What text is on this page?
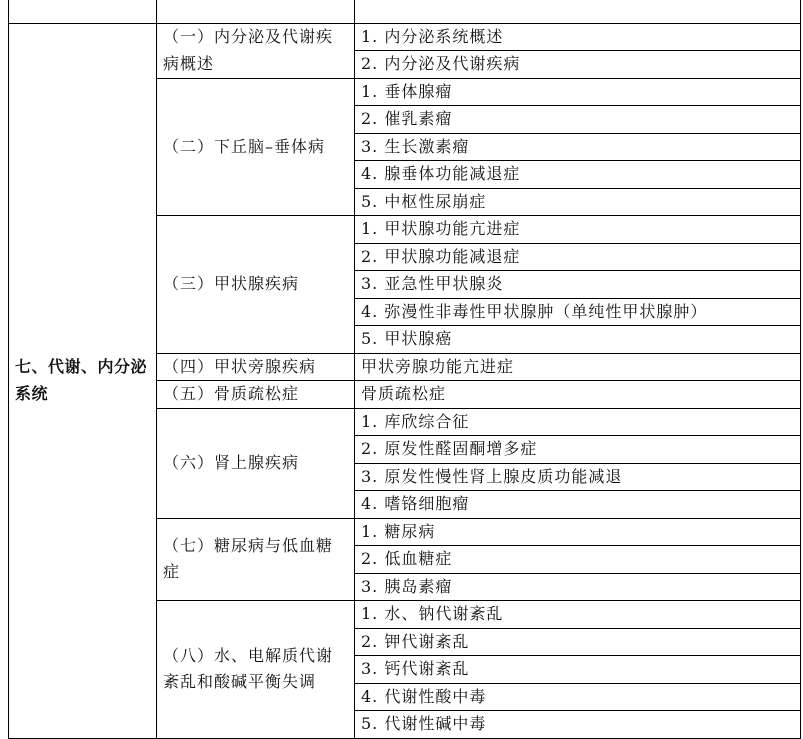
七、代谢、内分泌系统	（一）内分泌及代谢疾病概述	1. 内分泌系统概述
		2. 内分泌及代谢疾病
	（二）下丘脑–垂体病	1. 垂体腺瘤
		2. 催乳素瘤
		3. 生长激素瘤
		4. 腺垂体功能减退症
		5. 中枢性尿崩症
	（三）甲状腺疾病	1. 甲状腺功能亢进症
		2. 甲状腺功能减退症
		3. 亚急性甲状腺炎
		4. 弥漫性非毒性甲状腺肿（单纯性甲状腺肿）
		5. 甲状腺癌
	（四）甲状旁腺疾病	甲状旁腺功能亢进症
	（五）骨质疏松症	骨质疏松症
	（六）肾上腺疾病	1. 库欣综合征
		2. 原发性醛固酮增多症
		3. 原发性慢性肾上腺皮质功能减退
		4. 嗜铬细胞瘤
	（七）糖尿病与低血糖症	1. 糖尿病
		2. 低血糖症
		3. 胰岛素瘤
	（八）水、电解质代谢 紊乱和酸碱平衡失调	1. 水、钠代谢紊乱
		2. 钾代谢紊乱
		3. 钙代谢紊乱
		4. 代谢性酸中毒
		5. 代谢性碱中毒
